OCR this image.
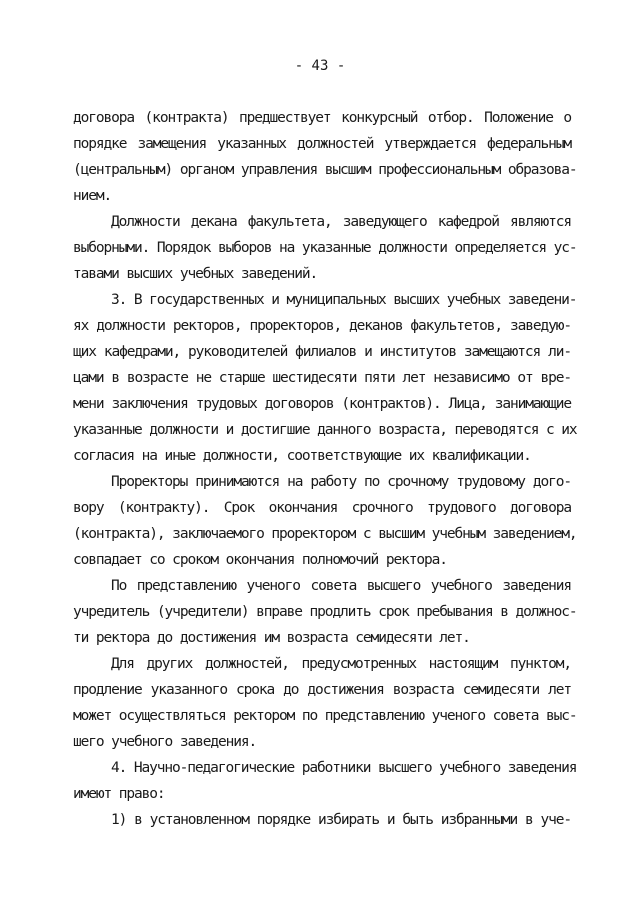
- 43 -
договора (контракта) предшествует конкурсный отбор. Положение о
порядке замещения указанных должностей утверждается федеральным
(центральным) органом управления высшим профессиональным образова-
нием.
Должности декана факультета, заведующего кафедрой являются
выборными. Порядок выборов на указанные должности определяется ус-
тавами высших учебных заведений.
3. В государственных и муниципальных высших учебных заведени-
ях должности ректоров, проректоров, деканов факультетов, заведую-
щих кафедрами, руководителей филиалов и институтов замещаются ли-
цами в возрасте не старше шестидесяти пяти лет независимо от вре-
мени заключения трудовых договоров (контрактов). Лица, занимающие
указанные должности и достигшие данного возраста, переводятся с их
согласия на иные должности, соответствующие их квалификации.
Проректоры принимаются на работу по срочному трудовому дого-
вору (контракту). Срок окончания срочного трудового договора
(контракта), заключаемого проректором с высшим учебным заведением,
совпадает со сроком окончания полномочий ректора.
По представлению ученого совета высшего учебного заведения
учредитель (учредители) вправе продлить срок пребывания в должнос-
ти ректора до достижения им возраста семидесяти лет.
Для других должностей, предусмотренных настоящим пунктом,
продление указанного срока до достижения возраста семидесяти лет
может осуществляться ректором по представлению ученого совета выс-
шего учебного заведения.
4. Научно-педагогические работники высшего учебного заведения
имеют право:
1) в установленном порядке избирать и быть избранными в уче-
